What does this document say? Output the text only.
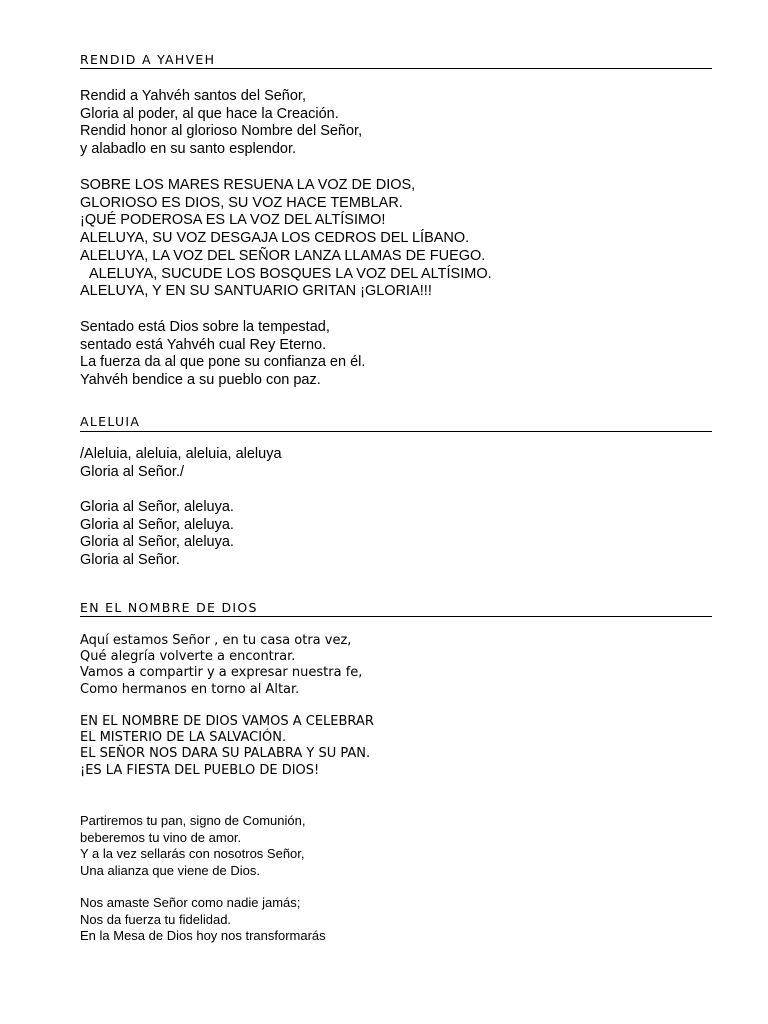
RENDID A YAHVEH
Rendid a Yahvéh santos del Señor,
Gloria al poder, al que hace la Creación.
Rendid honor al glorioso Nombre del Señor,
y alabadlo en su santo esplendor.
SOBRE LOS MARES RESUENA LA VOZ DE DIOS,
GLORIOSO ES DIOS, SU VOZ HACE TEMBLAR.
¡QUÉ PODEROSA ES LA VOZ DEL ALTÍSIMO!
ALELUYA, SU VOZ DESGAJA LOS CEDROS DEL LÍBANO.
ALELUYA, LA VOZ DEL SEÑOR LANZA LLAMAS DE FUEGO.
ALELUYA, SUCUDE LOS BOSQUES LA VOZ DEL ALTÍSIMO.
ALELUYA, Y EN SU SANTUARIO GRITAN ¡GLORIA!!!
Sentado está Dios sobre la tempestad,
sentado está Yahvéh cual Rey Eterno.
La fuerza da al que pone su confianza en él.
Yahvéh bendice a su pueblo con paz.
ALELUIA
/Aleluia, aleluia, aleluia, aleluya
Gloria al Señor./
Gloria al Señor, aleluya.
Gloria al Señor, aleluya.
Gloria al Señor, aleluya.
Gloria al Señor.
EN EL NOMBRE DE DIOS
Aquí estamos Señor , en tu casa otra vez,
Qué alegría volverte a encontrar.
Vamos a compartir y a expresar nuestra fe,
Como hermanos en torno al Altar.
EN EL NOMBRE DE DIOS VAMOS A CELEBRAR
EL MISTERIO DE LA SALVACIÓN.
EL SEÑOR NOS DARA SU PALABRA Y SU PAN.
¡ES LA FIESTA DEL PUEBLO DE DIOS!
Partiremos tu pan, signo de Comunión,
beberemos tu vino de amor.
Y a la vez sellarás con nosotros Señor,
Una alianza que viene de Dios.
Nos amaste Señor como nadie jamás;
Nos da fuerza tu fidelidad.
En la Mesa de Dios hoy nos transformarás
